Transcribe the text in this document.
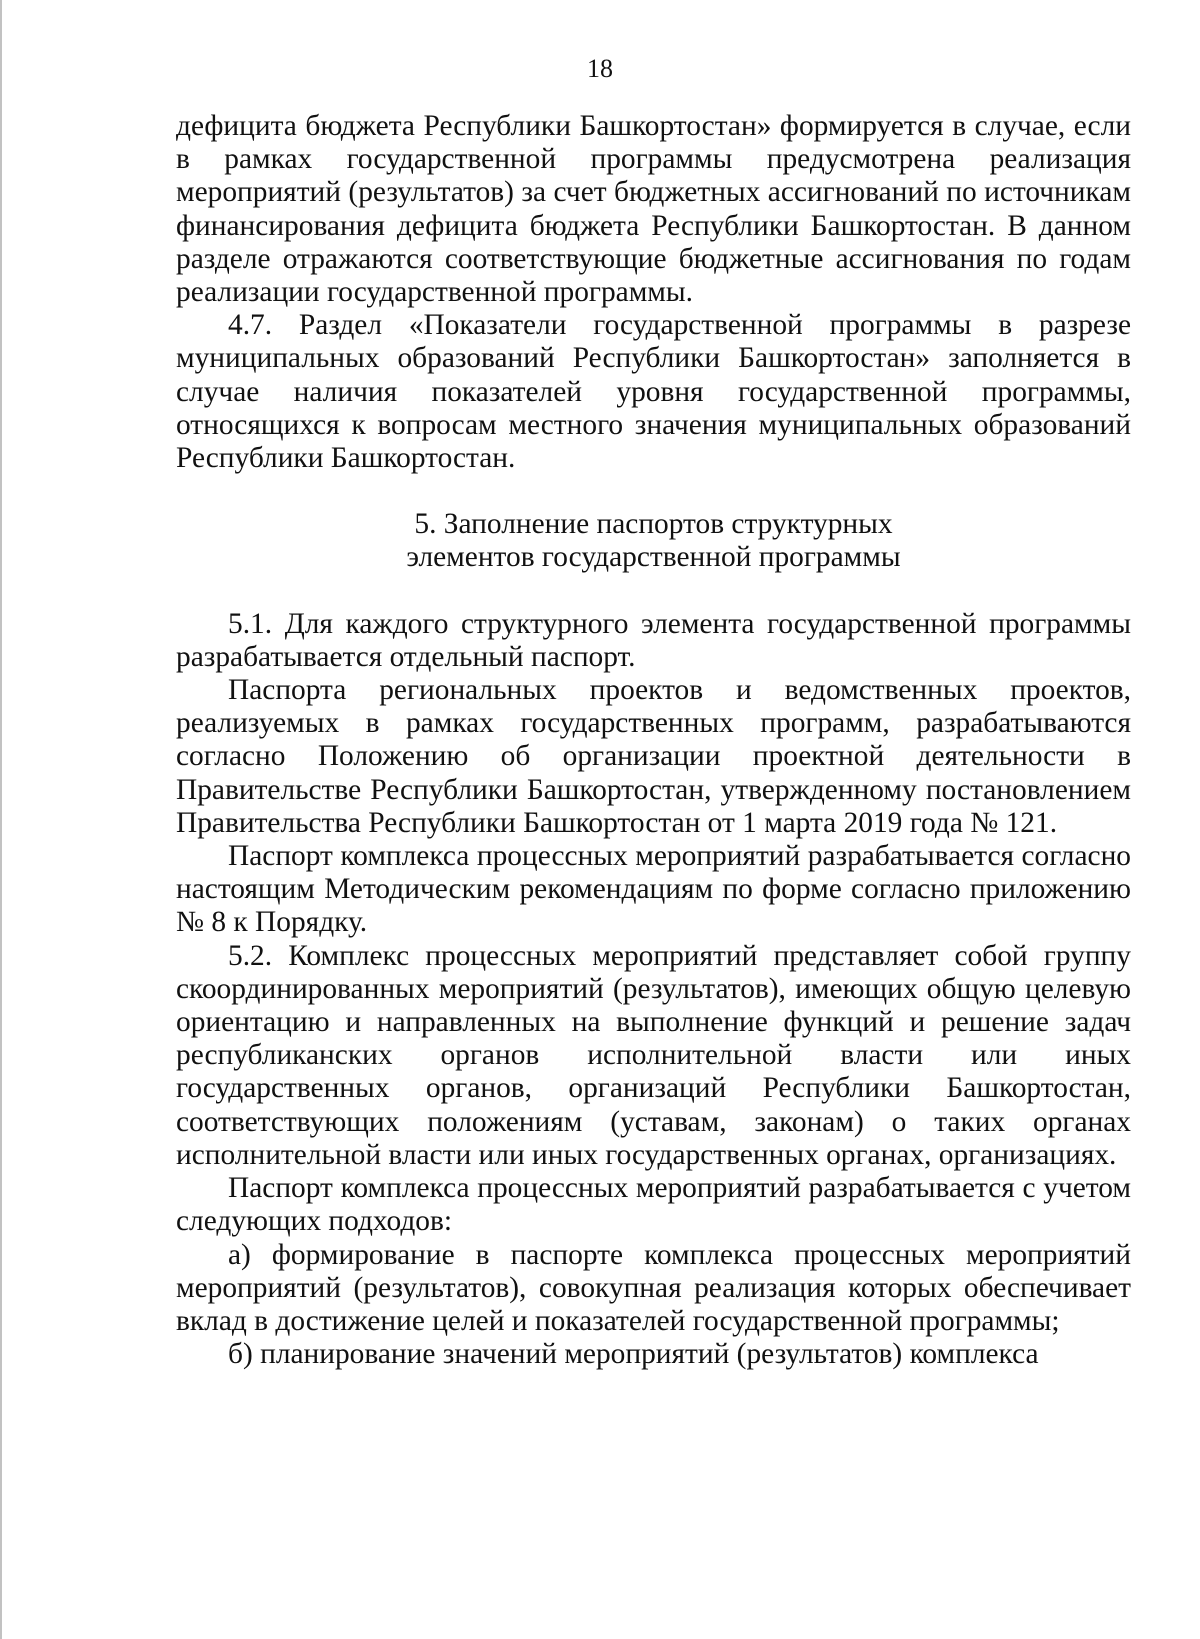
18

дефицита бюджета Республики Башкортостан» формируется в случае, если в рамках государственной программы предусмотрена реализация мероприятий (результатов) за счет бюджетных ассигнований по источникам финансирования дефицита бюджета Республики Башкортостан. В данном разделе отражаются соответствующие бюджетные ассигнования по годам реализации государственной программы.

4.7. Раздел «Показатели государственной программы в разрезе муниципальных образований Республики Башкортостан» заполняется в случае наличия показателей уровня государственной программы, относящихся к вопросам местного значения муниципальных образований Республики Башкортостан.

5. Заполнение паспортов структурных
элементов государственной программы

5.1. Для каждого структурного элемента государственной программы разрабатывается отдельный паспорт.

Паспорта региональных проектов и ведомственных проектов, реализуемых в рамках государственных программ, разрабатываются согласно Положению об организации проектной деятельности в Правительстве Республики Башкортостан, утвержденному постановлением Правительства Республики Башкортостан от 1 марта 2019 года № 121.

Паспорт комплекса процессных мероприятий разрабатывается согласно настоящим Методическим рекомендациям по форме согласно приложению № 8 к Порядку.

5.2. Комплекс процессных мероприятий представляет собой группу скоординированных мероприятий (результатов), имеющих общую целевую ориентацию и направленных на выполнение функций и решение задач республиканских органов исполнительной власти или иных государственных органов, организаций Республики Башкортостан, соответствующих положениям (уставам, законам) о таких органах исполнительной власти или иных государственных органах, организациях.

Паспорт комплекса процессных мероприятий разрабатывается с учетом следующих подходов:

а) формирование в паспорте комплекса процессных мероприятий мероприятий (результатов), совокупная реализация которых обеспечивает вклад в достижение целей и показателей государственной программы;

б) планирование значений мероприятий (результатов) комплекса
